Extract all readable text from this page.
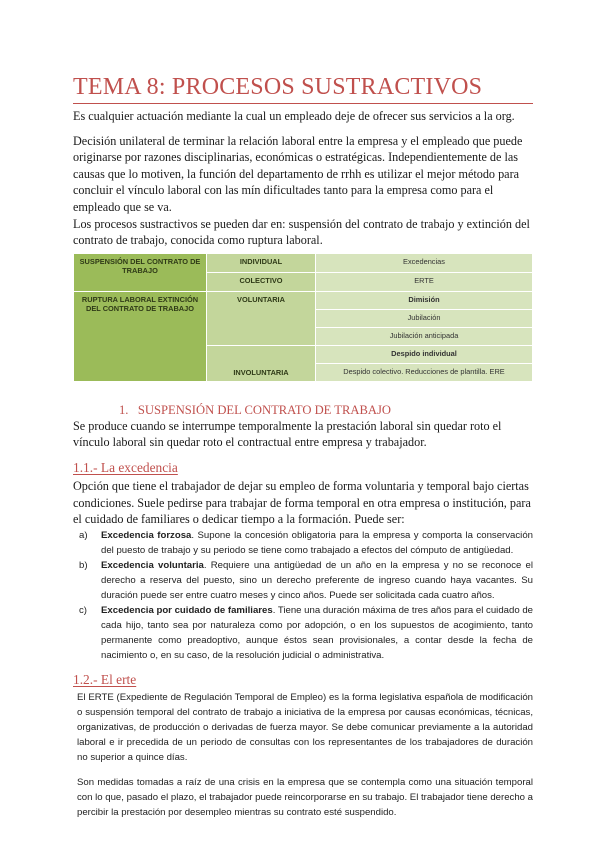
TEMA 8: PROCESOS SUSTRACTIVOS

Es cualquier actuación mediante la cual un empleado deje de ofrecer sus servicios a la org.

Decisión unilateral de terminar la relación laboral entre la empresa y el empleado que puede originarse por razones disciplinarias, económicas o estratégicas. Independientemente de las causas que lo motiven, la función del departamento de rrhh es utilizar el mejor método para concluir el vínculo laboral con las mín dificultades tanto para la empresa como para el empleado que se va.

Los procesos sustractivos se pueden dar en: suspensión del contrato de trabajo y extinción del contrato de trabajo, conocida como ruptura laboral.

SUSPENSIÓN DEL CONTRATO DE TRABAJO	INDIVIDUAL	Excedencias
	COLECTIVO	ERTE
RUPTURA LABORAL EXTINCIÓN DEL CONTRATO DE TRABAJO	VOLUNTARIA	Dimisión
		Jubilación
		Jubilación anticipada
	INVOLUNTARIA	Despido individual
		Despido colectivo. Reducciones de plantilla. ERE
1. SUSPENSIÓN DEL CONTRATO DE TRABAJO

Se produce cuando se interrumpe temporalmente la prestación laboral sin quedar roto el vínculo laboral sin quedar roto el contractual entre empresa y trabajador.

1.1.- La excedencia

Opción que tiene el trabajador de dejar su empleo de forma voluntaria y temporal bajo ciertas condiciones. Suele pedirse para trabajar de forma temporal en otra empresa o institución, para el cuidado de familiares o dedicar tiempo a la formación. Puede ser:

a) Excedencia forzosa. Supone la concesión obligatoria para la empresa y comporta la conservación del puesto de trabajo y su periodo se tiene como trabajado a efectos del cómputo de antigüedad.
b) Excedencia voluntaria. Requiere una antigüedad de un año en la empresa y no se reconoce el derecho a reserva del puesto, sino un derecho preferente de ingreso cuando haya vacantes. Su duración puede ser entre cuatro meses y cinco años. Puede ser solicitada cada cuatro años.
c) Excedencia por cuidado de familiares. Tiene una duración máxima de tres años para el cuidado de cada hijo, tanto sea por naturaleza como por adopción, o en los supuestos de acogimiento, tanto permanente como preadoptivo, aunque éstos sean provisionales, a contar desde la fecha de nacimiento o, en su caso, de la resolución judicial o administrativa.
1.2.- El erte
El ERTE (Expediente de Regulación Temporal de Empleo) es la forma legislativa española de modificación o suspensión temporal del contrato de trabajo a iniciativa de la empresa por causas económicas, técnicas, organizativas, de producción o derivadas de fuerza mayor. Se debe comunicar previamente a la autoridad laboral e ir precedida de un periodo de consultas con los representantes de los trabajadores de duración no superior a quince días.
Son medidas tomadas a raíz de una crisis en la empresa que se contempla como una situación temporal con lo que, pasado el plazo, el trabajador puede reincorporarse en su trabajo. El trabajador tiene derecho a percibir la prestación por desempleo mientras su contrato esté suspendido.
